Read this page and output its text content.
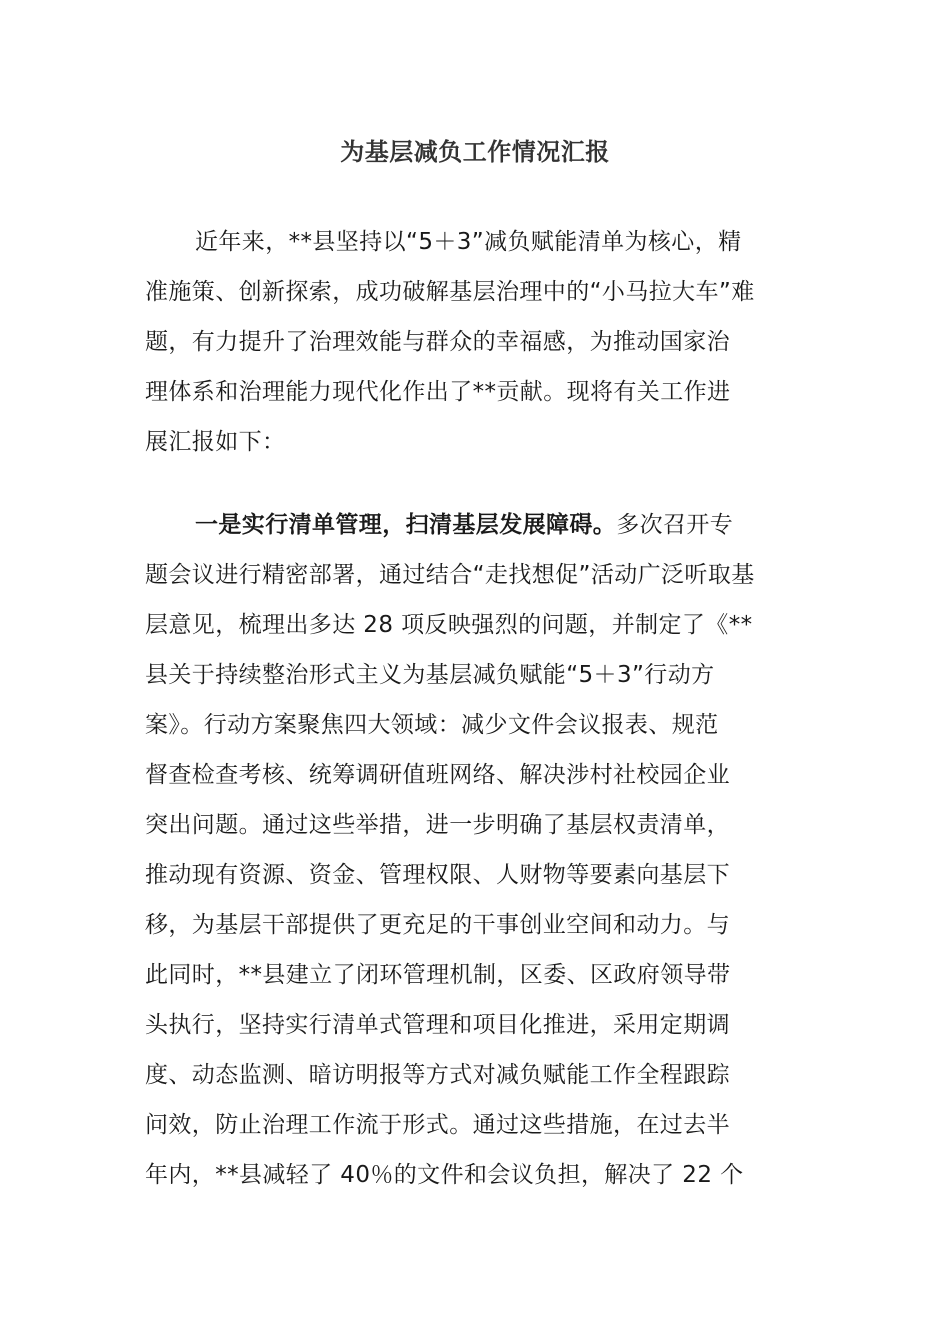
为基层减负工作情况汇报
近年来，**县坚持以“5＋3”减负赋能清单为核心，精
准施策、创新探索，成功破解基层治理中的“小马拉大车”难
题，有力提升了治理效能与群众的幸福感，为推动国家治
理体系和治理能力现代化作出了**贡献。现将有关工作进
展汇报如下：
一是实行清单管理，扫清基层发展障碍。多次召开专
题会议进行精密部署，通过结合“走找想促”活动广泛听取基
层意见，梳理出多达 28 项反映强烈的问题，并制定了《**
县关于持续整治形式主义为基层减负赋能“5＋3”行动方
案》。行动方案聚焦四大领域：减少文件会议报表、规范
督查检查考核、统筹调研值班网络、解决涉村社校园企业
突出问题。通过这些举措，进一步明确了基层权责清单，
推动现有资源、资金、管理权限、人财物等要素向基层下
移，为基层干部提供了更充足的干事创业空间和动力。与
此同时，**县建立了闭环管理机制，区委、区政府领导带
头执行，坚持实行清单式管理和项目化推进，采用定期调
度、动态监测、暗访明报等方式对减负赋能工作全程跟踪
问效，防止治理工作流于形式。通过这些措施，在过去半
年内，**县减轻了 40％的文件和会议负担，解决了 22 个
